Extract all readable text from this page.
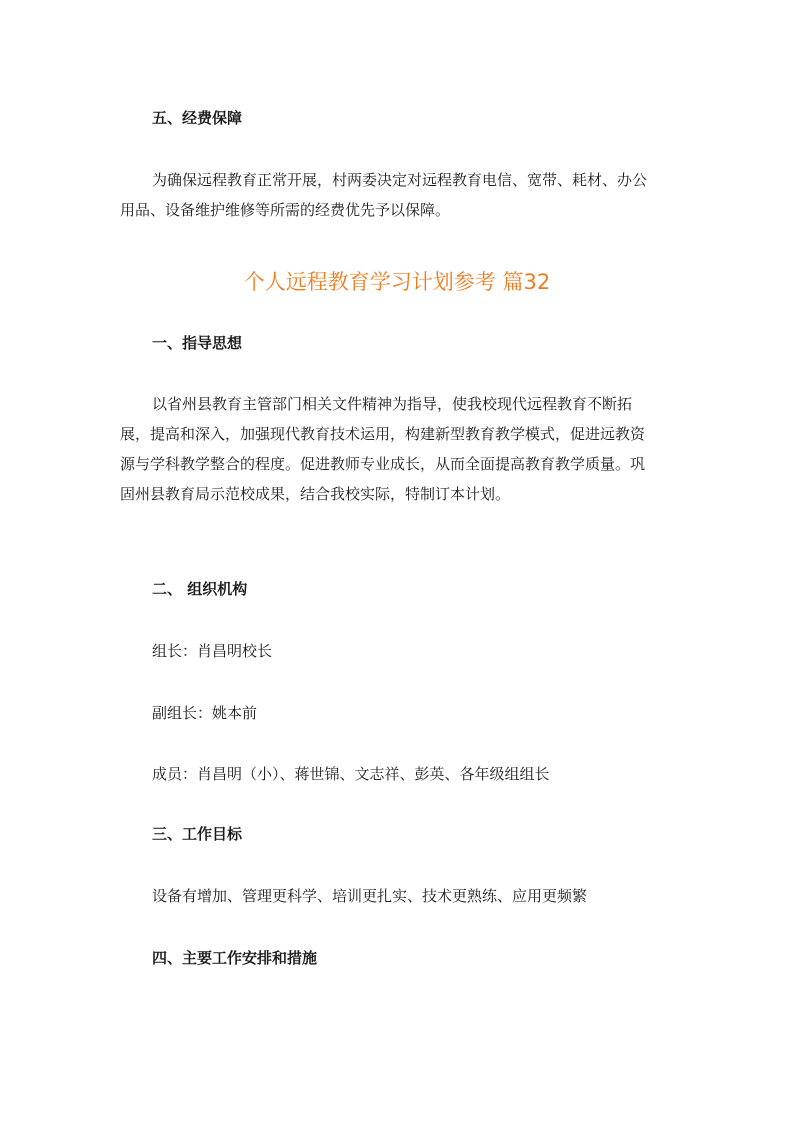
五、经费保障
为确保远程教育正常开展，村两委决定对远程教育电信、宽带、耗材、办公
用品、设备维护维修等所需的经费优先予以保障。
个人远程教育学习计划参考 篇32
一、指导思想
以省州县教育主管部门相关文件精神为指导，使我校现代远程教育不断拓
展，提高和深入，加强现代教育技术运用，构建新型教育教学模式，促进远教资
源与学科教学整合的程度。促进教师专业成长，从而全面提高教育教学质量。巩
固州县教育局示范校成果，结合我校实际，特制订本计划。
二、 组织机构
组长：肖昌明校长
副组长：姚本前
成员：肖昌明（小）、蒋世锦、文志祥、彭英、各年级组组长
三、工作目标
设备有增加、管理更科学、培训更扎实、技术更熟练、应用更频繁
四、主要工作安排和措施
